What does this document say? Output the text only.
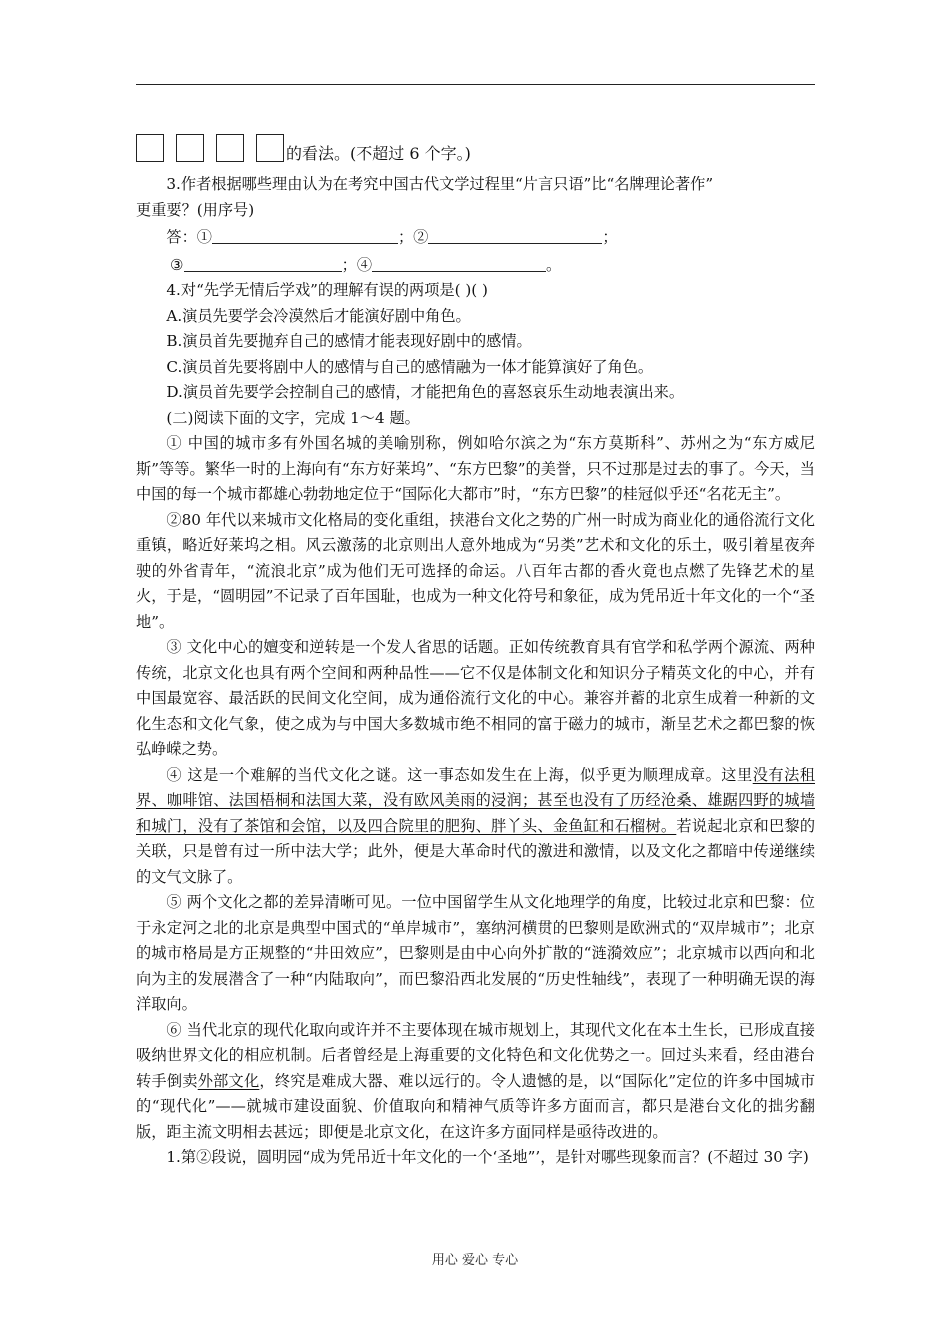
的看法。(不超过 6 个字。)

3.作者根据哪些理由认为在考究中国古代文学过程里“片言只语”比“名牌理论著作”

更重要？(用序号)

答：①	；②	；

③	；④	。

4.对“先学无情后学戏”的理解有误的两项是( )( )

A.演员先要学会冷漠然后才能演好剧中角色。

B.演员首先要抛弃自己的感情才能表现好剧中的感情。

C.演员首先要将剧中人的感情与自己的感情融为一体才能算演好了角色。

D.演员首先要学会控制自己的感情，才能把角色的喜怒哀乐生动地表演出来。

(二)阅读下面的文字，完成 1～4 题。

① 中国的城市多有外国名城的美喻别称，例如哈尔滨之为“东方莫斯科”、苏州之为“东方威尼斯”等等。繁华一时的上海向有“东方好莱坞”、“东方巴黎”的美誉，只不过那是过去的事了。今天，当中国的每一个城市都雄心勃勃地定位于“国际化大都市”时，“东方巴黎”的桂冠似乎还“名花无主”。

②80 年代以来城市文化格局的变化重组，挟港台文化之势的广州一时成为商业化的通俗流行文化重镇，略近好莱坞之相。风云激荡的北京则出人意外地成为“另类”艺术和文化的乐土，吸引着星夜奔驶的外省青年，“流浪北京”成为他们无可选择的命运。八百年古都的香火竟也点燃了先锋艺术的星火，于是，“圆明园”不记录了百年国耻，也成为一种文化符号和象征，成为凭吊近十年文化的一个“圣地”。

③ 文化中心的嬗变和逆转是一个发人省思的话题。正如传统教育具有官学和私学两个源流、两种传统，北京文化也具有两个空间和两种品性——它不仅是体制文化和知识分子精英文化的中心，并有中国最宽容、最活跃的民间文化空间，成为通俗流行文化的中心。兼容并蓄的北京生成着一种新的文化生态和文化气象，使之成为与中国大多数城市绝不相同的富于磁力的城市，渐呈艺术之都巴黎的恢弘峥嵘之势。

④ 这是一个难解的当代文化之谜。这一事态如发生在上海，似乎更为顺理成章。这里没有法租界、咖啡馆、法国梧桐和法国大菜，没有欧风美雨的浸润；甚至也没有了历经沧桑、雄踞四野的城墙和城门，没有了茶馆和会馆，以及四合院里的肥狗、胖丫头、金鱼缸和石榴树。若说起北京和巴黎的关联，只是曾有过一所中法大学；此外，便是大革命时代的激进和激情，以及文化之都暗中传递继续的文气文脉了。

⑤ 两个文化之都的差异清晰可见。一位中国留学生从文化地理学的角度，比较过北京和巴黎：位于永定河之北的北京是典型中国式的“单岸城市”，塞纳河横贯的巴黎则是欧洲式的“双岸城市”；北京的城市格局是方正规整的“井田效应”，巴黎则是由中心向外扩散的“涟漪效应”；北京城市以西向和北向为主的发展潜含了一种“内陆取向”，而巴黎沿西北发展的“历史性轴线”，表现了一种明确无误的海洋取向。

⑥ 当代北京的现代化取向或许并不主要体现在城市规划上，其现代文化在本土生长，已形成直接吸纳世界文化的相应机制。后者曾经是上海重要的文化特色和文化优势之一。回过头来看，经由港台转手倒卖外部文化，终究是难成大器、难以远行的。令人遗憾的是，以“国际化”定位的许多中国城市的“现代化”——就城市建设面貌、价值取向和精神气质等许多方面而言，都只是港台文化的拙劣翻版，距主流文明相去甚远；即便是北京文化，在这许多方面同样是亟待改进的。

1.第②段说，圆明园“成为凭吊近十年文化的一个‘圣地”’，是针对哪些现象而言？(不超过 30 字)

用心 爱心 专心
